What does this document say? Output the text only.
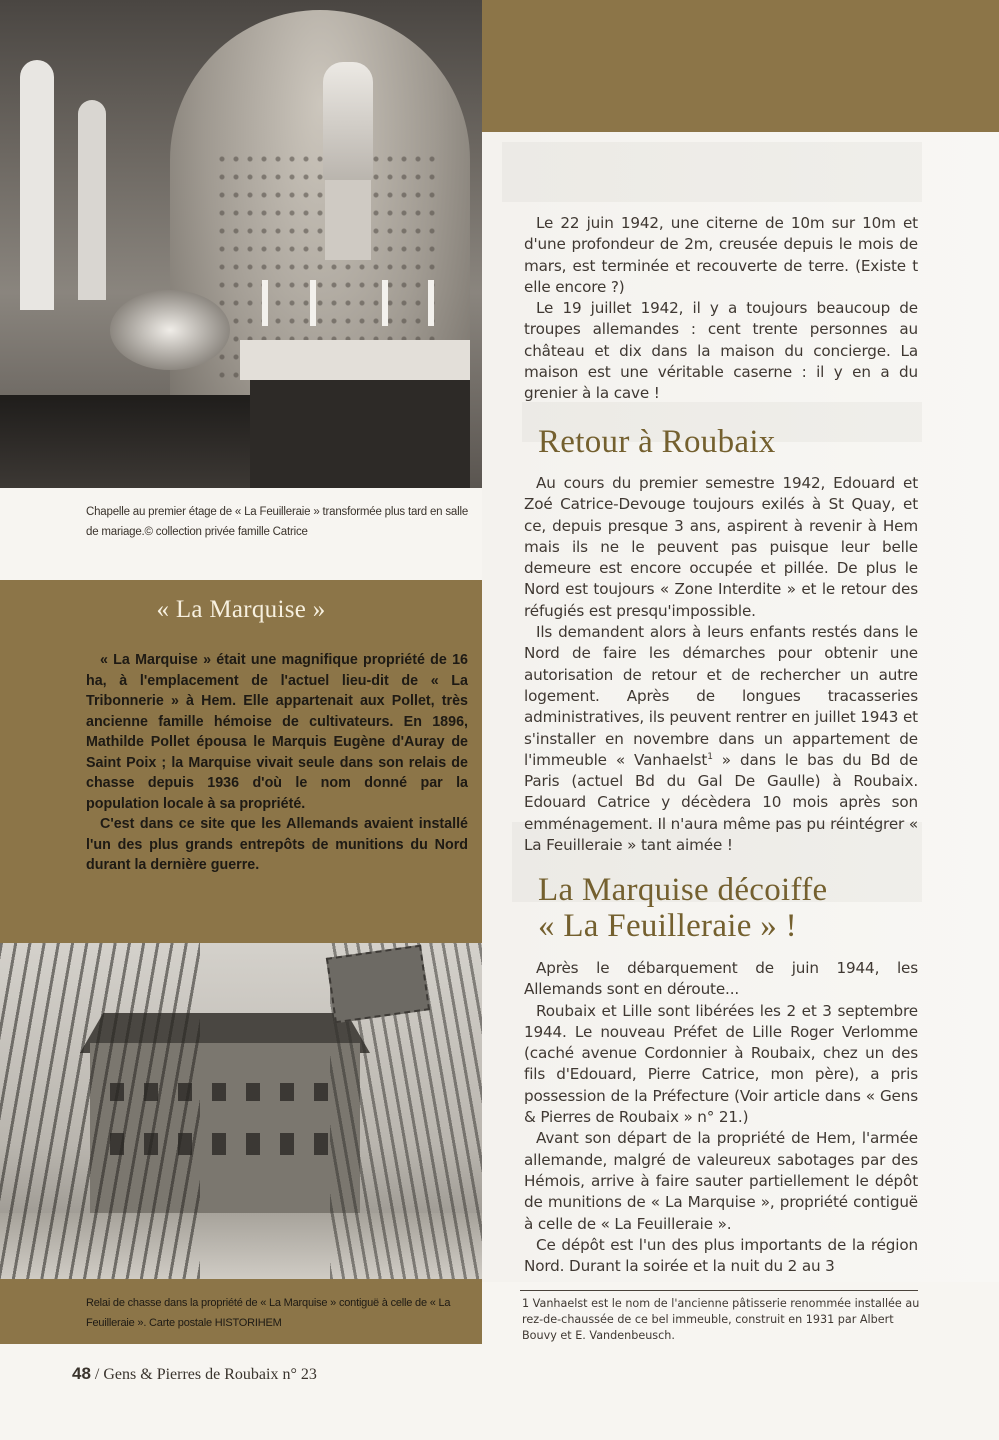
Chapelle au premier étage de « La Feuilleraie » transformée plus tard en salle de mariage.© collection privée famille Catrice
« La Marquise »

« La Marquise » était une magnifique propriété de 16 ha, à l'emplacement de l'actuel lieu-dit de « La Tribonnerie » à Hem. Elle appartenait aux Pollet, très ancienne famille hémoise de cultivateurs. En 1896, Mathilde Pollet épousa le Marquis Eugène d'Auray de Saint Poix ; la Marquise vivait seule dans son relais de chasse depuis 1936 d'où le nom donné par la population locale à sa propriété.

C'est dans ce site que les Allemands avaient installé l'un des plus grands entrepôts de munitions du Nord durant la dernière guerre.

Relai de chasse dans la propriété de « La Marquise » contiguë à celle de « La Feuilleraie ». Carte postale HISTORIHEM
48 / Gens & Pierres de Roubaix n° 23

Le 22 juin 1942, une citerne de 10m sur 10m et d'une profondeur de 2m, creusée depuis le mois de mars, est terminée et recouverte de terre. (Existe t elle encore ?)

Le 19 juillet 1942, il y a toujours beaucoup de troupes allemandes : cent trente personnes au château et dix dans la maison du concierge. La maison est une véritable caserne : il y en a du grenier à la cave !

Retour à Roubaix

Au cours du premier semestre 1942, Edouard et Zoé Catrice-Devouge toujours exilés à St Quay, et ce, depuis presque 3 ans, aspirent à revenir à Hem mais ils ne le peuvent pas puisque leur belle demeure est encore occupée et pillée. De plus le Nord est toujours « Zone Interdite » et le retour des réfugiés est presqu'impossible.

Ils demandent alors à leurs enfants restés dans le Nord de faire les démarches pour obtenir une autorisation de retour et de rechercher un autre logement. Après de longues tracasseries administratives, ils peuvent rentrer en juillet 1943 et s'installer en novembre dans un appartement de l'immeuble « Vanhaelst$^1$ » dans le bas du Bd de Paris (actuel Bd du Gal De Gaulle) à Roubaix. Edouard Catrice y décèdera 10 mois après son emménagement. Il n'aura même pas pu réintégrer « La Feuilleraie » tant aimée !

La Marquise décoiffe
« La Feuilleraie » !

Après le débarquement de juin 1944, les Allemands sont en déroute...

Roubaix et Lille sont libérées les 2 et 3 septembre 1944. Le nouveau Préfet de Lille Roger Verlomme (caché avenue Cordonnier à Roubaix, chez un des fils d'Edouard, Pierre Catrice, mon père), a pris possession de la Préfecture (Voir article dans « Gens & Pierres de Roubaix » n° 21.)

Avant son départ de la propriété de Hem, l'armée allemande, malgré de valeureux sabotages par des Hémois, arrive à faire sauter partiellement le dépôt de munitions de « La Marquise », propriété contiguë à celle de « La Feuilleraie ».

Ce dépôt est l'un des plus importants de la région Nord. Durant la soirée et la nuit du 2 au 3

1 Vanhaelst est le nom de l'ancienne pâtisserie renommée installée au rez-de-chaussée de ce bel immeuble, construit en 1931 par Albert Bouvy et E. Vandenbeusch.
